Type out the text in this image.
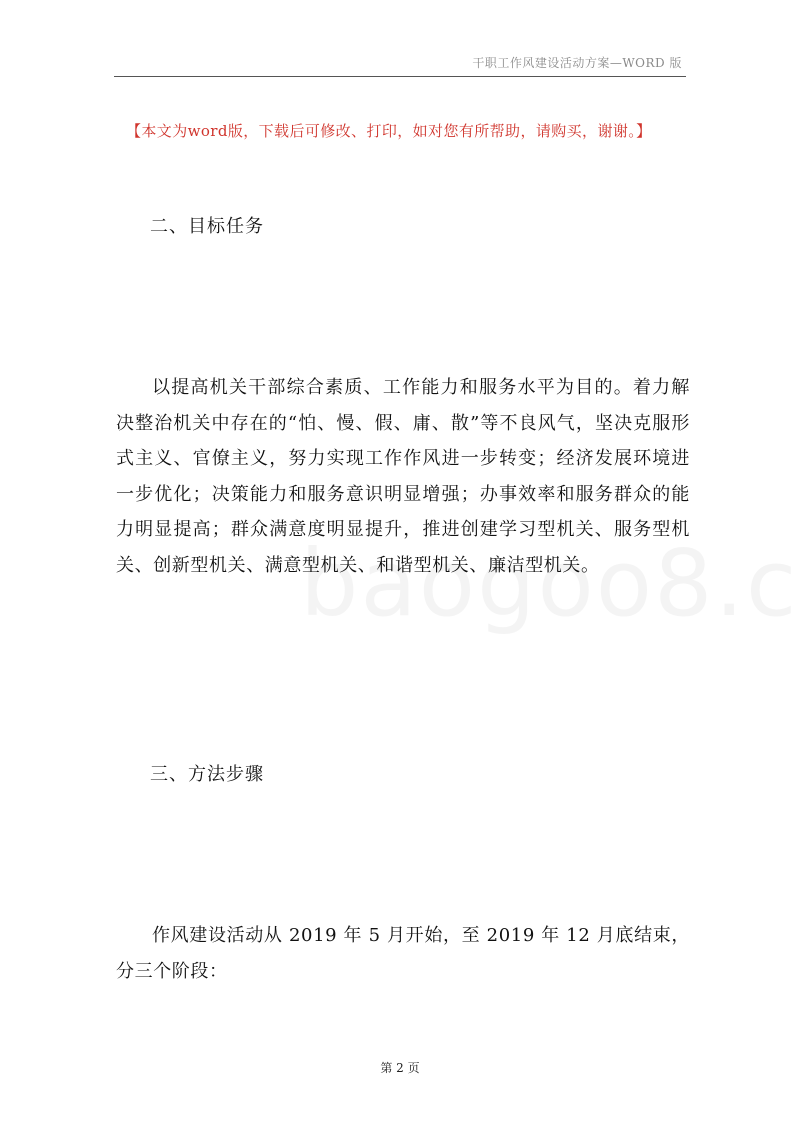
干职工作风建设活动方案—WORD 版
【本文为word版，下载后可修改、打印，如对您有所帮助，请购买，谢谢。】
二、目标任务
以提高机关干部综合素质、工作能力和服务水平为目的。着力解决整治机关中存在的“怕、慢、假、庸、散”等不良风气，坚决克服形式主义、官僚主义，努力实现工作作风进一步转变；经济发展环境进一步优化；决策能力和服务意识明显增强；办事效率和服务群众的能力明显提高；群众满意度明显提升，推进创建学习型机关、服务型机关、创新型机关、满意型机关、和谐型机关、廉洁型机关。
三、方法步骤
作风建设活动从 2019 年 5 月开始，至 2019 年 12 月底结束，分三个阶段：
第 2 页
